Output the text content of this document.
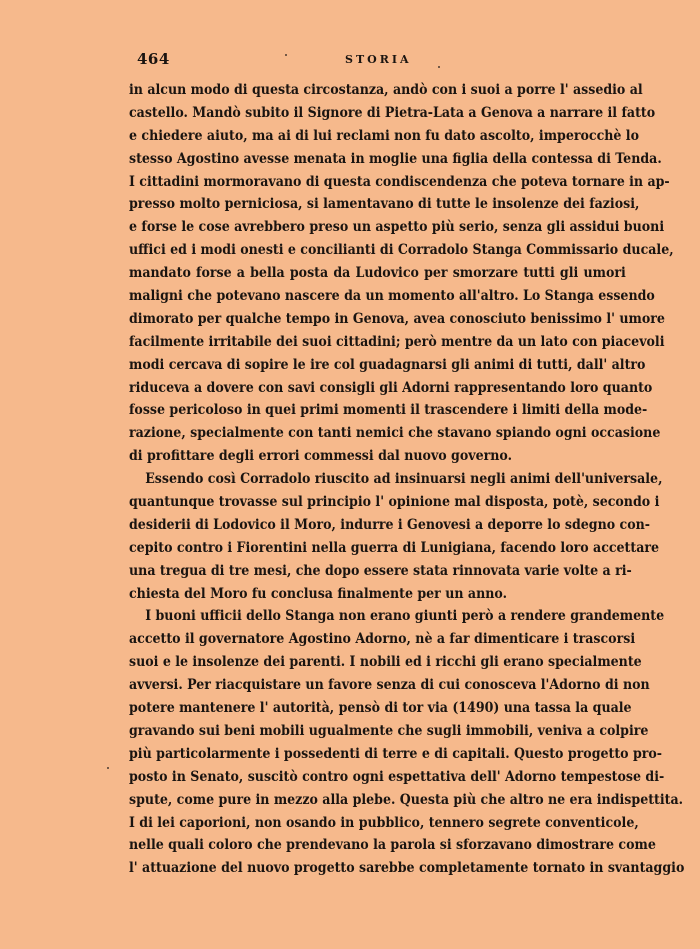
464	STORIA
in alcun modo di questa circostanza, andò con i suoi a porre l' assedio al
castello. Mandò subito il Signore di Pietra-Lata a Genova a narrare il fatto
e chiedere aiuto, ma ai di lui reclami non fu dato ascolto, imperocchè lo
stesso Agostino avesse menata in moglie una figlia della contessa di Tenda.
I cittadini mormoravano di questa condiscendenza che poteva tornare in ap-
presso molto perniciosa, si lamentavano di tutte le insolenze dei faziosi,
e forse le cose avrebbero preso un aspetto più serio, senza gli assidui buoni
uffici ed i modi onesti e concilianti di Corradolo Stanga Commissario ducale,
mandato forse a bella posta da Ludovico per smorzare tutti gli umori
maligni che potevano nascere da un momento all'altro. Lo Stanga essendo
dimorato per qualche tempo in Genova, avea conosciuto benissimo l' umore
facilmente irritabile dei suoi cittadini; però mentre da un lato con piacevoli
modi cercava di sopire le ire col guadagnarsi gli animi di tutti, dall' altro
riduceva a dovere con savi consigli gli Adorni rappresentando loro quanto
fosse pericoloso in quei primi momenti il trascendere i limiti della mode-
razione, specialmente con tanti nemici che stavano spiando ogni occasione
di profittare degli errori commessi dal nuovo governo.
Essendo così Corradolo riuscito ad insinuarsi negli animi dell'universale,
quantunque trovasse sul principio l' opinione mal disposta, potè, secondo i
desiderii di Lodovico il Moro, indurre i Genovesi a deporre lo sdegno con-
cepito contro i Fiorentini nella guerra di Lunigiana, facendo loro accettare
una tregua di tre mesi, che dopo essere stata rinnovata varie volte a ri-
chiesta del Moro fu conclusa finalmente per un anno.
I buoni ufficii dello Stanga non erano giunti però a rendere grandemente
accetto il governatore Agostino Adorno, nè a far dimenticare i trascorsi
suoi e le insolenze dei parenti. I nobili ed i ricchi gli erano specialmente
avversi. Per riacquistare un favore senza di cui conosceva l'Adorno di non
potere mantenere l' autorità, pensò di tor via (1490) una tassa la quale
gravando sui beni mobili ugualmente che sugli immobili, veniva a colpire
più particolarmente i possedenti di terre e di capitali. Questo progetto pro-
posto in Senato, suscitò contro ogni espettativa dell' Adorno tempestose di-
spute, come pure in mezzo alla plebe. Questa più che altro ne era indispettita.
I di lei caporioni, non osando in pubblico, tennero segrete conventicole,
nelle quali coloro che prendevano la parola si sforzavano dimostrare come
l' attuazione del nuovo progetto sarebbe completamente tornato in svantaggio
